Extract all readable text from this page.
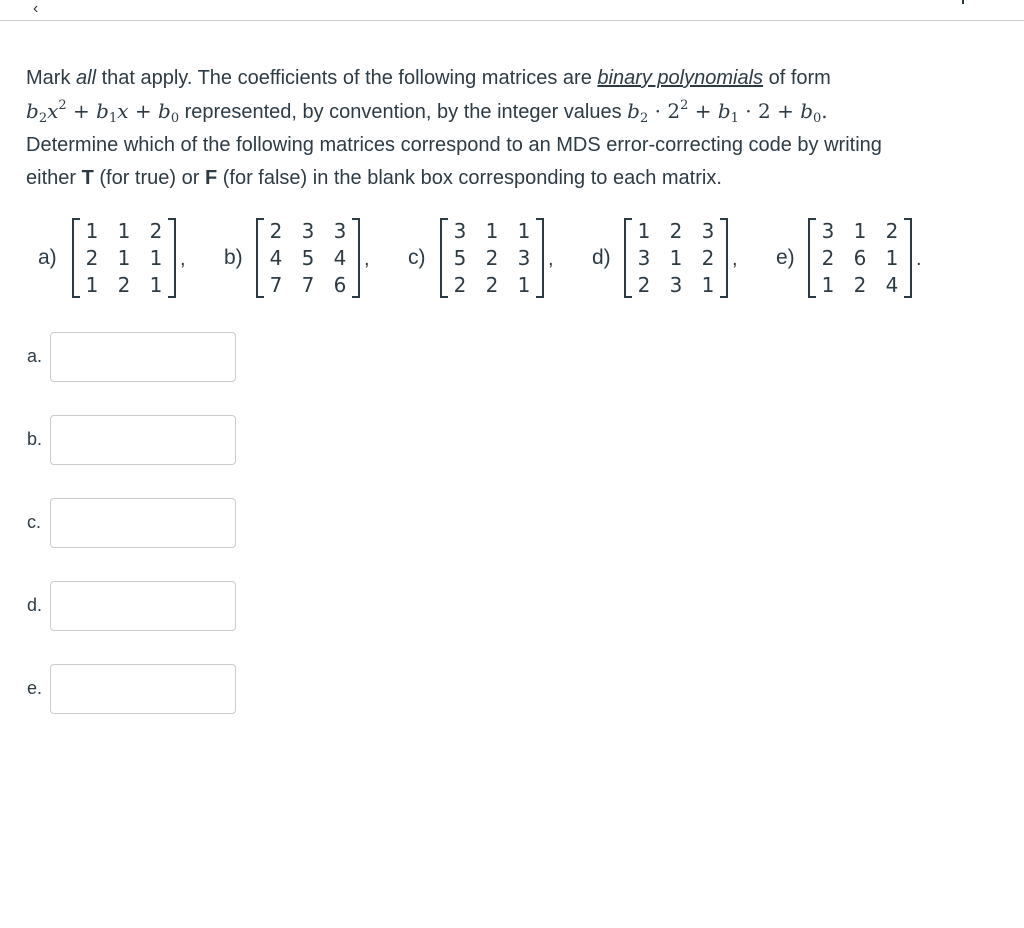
‹

Mark all that apply. The coefficients of the following matrices are binary polynomials of form

$b_2x^2 + b_1x + b_0$ represented, by convention, by the integer values $b_2 \cdot 2^2 + b_1 \cdot 2 + b_0$.

Determine which of the following matrices correspond to an MDS error-correcting code by writing

either T (for true) or F (for false) in the blank box corresponding to each matrix.

a)
1 1 2
2 1 1
1 2 1
, b)
2 3 3
4 5 4
7 7 6
, c)
3 1 1
5 2 3
2 2 1
, d)
1 2 3
3 1 2
2 3 1
, e)
3 1 2
2 6 1
1 2 4
.
a.
b.
c.
d.
e.
